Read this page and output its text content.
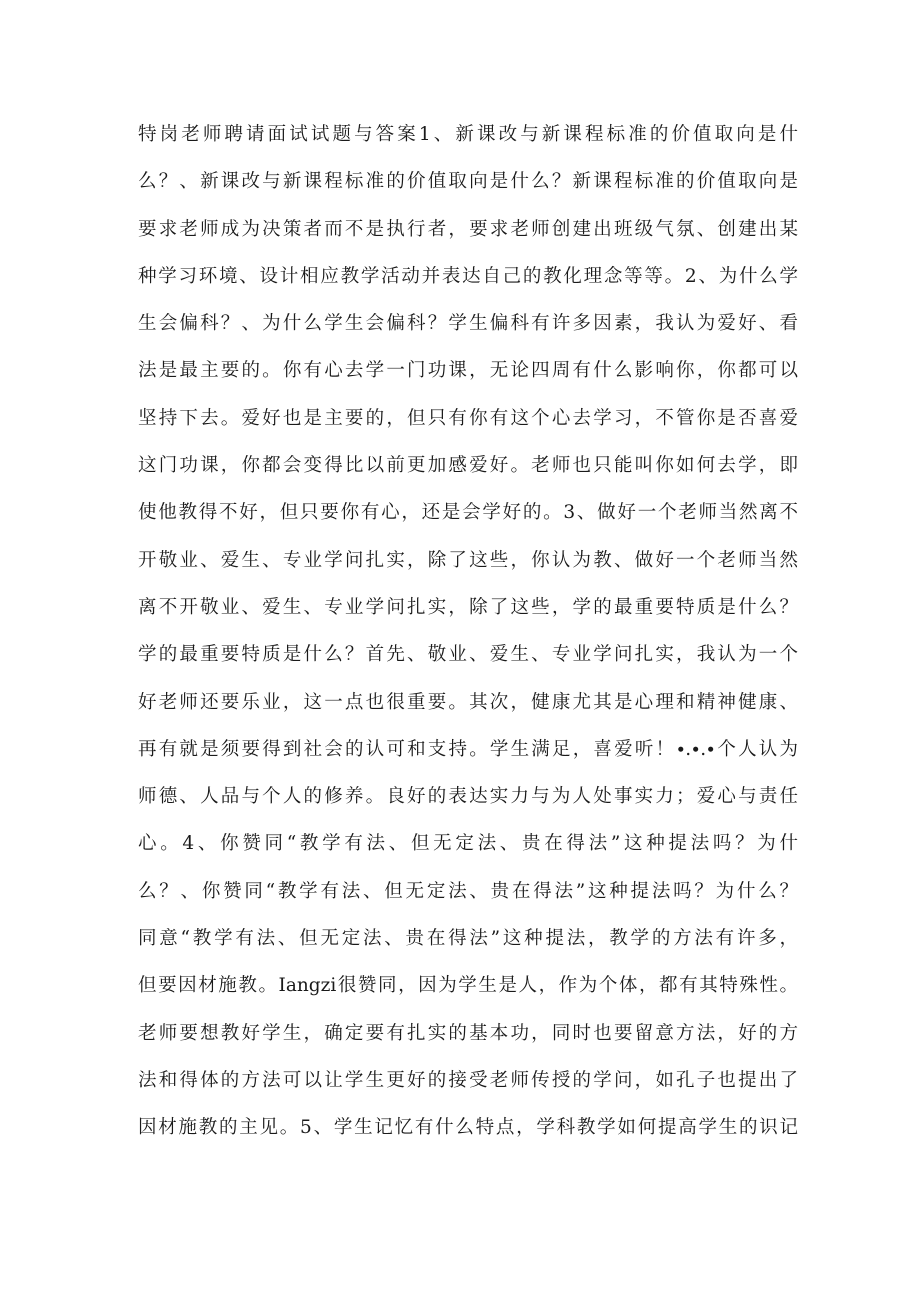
特岗老师聘请面试试题与答案1、新课改与新课程标准的价值取向是什
么？、新课改与新课程标准的价值取向是什么？新课程标准的价值取向是
要求老师成为决策者而不是执行者，要求老师创建出班级气氛、创建出某
种学习环境、设计相应教学活动并表达自己的教化理念等等。2、为什么学
生会偏科？、为什么学生会偏科？学生偏科有许多因素，我认为爱好、看
法是最主要的。你有心去学一门功课，无论四周有什么影响你，你都可以
坚持下去。爱好也是主要的，但只有你有这个心去学习，不管你是否喜爱
这门功课，你都会变得比以前更加感爱好。老师也只能叫你如何去学，即
使他教得不好，但只要你有心，还是会学好的。3、做好一个老师当然离不
开敬业、爱生、专业学问扎实，除了这些，你认为教、做好一个老师当然
离不开敬业、爱生、专业学问扎实，除了这些，学的最重要特质是什么？
学的最重要特质是什么？首先、敬业、爱生、专业学问扎实，我认为一个
好老师还要乐业，这一点也很重要。其次，健康尤其是心理和精神健康、
再有就是须要得到社会的认可和支持。学生满足，喜爱听！∙.∙.∙个人认为
师德、人品与个人的修养。良好的表达实力与为人处事实力；爱心与责任
心。4、你赞同“教学有法、但无定法、贵在得法”这种提法吗？为什
么？、你赞同“教学有法、但无定法、贵在得法”这种提法吗？为什么？
同意“教学有法、但无定法、贵在得法”这种提法，教学的方法有许多，
但要因材施教。Iangzi很赞同，因为学生是人，作为个体，都有其特殊性。
老师要想教好学生，确定要有扎实的基本功，同时也要留意方法，好的方
法和得体的方法可以让学生更好的接受老师传授的学问，如孔子也提出了
因材施教的主见。5、学生记忆有什么特点，学科教学如何提高学生的识记
